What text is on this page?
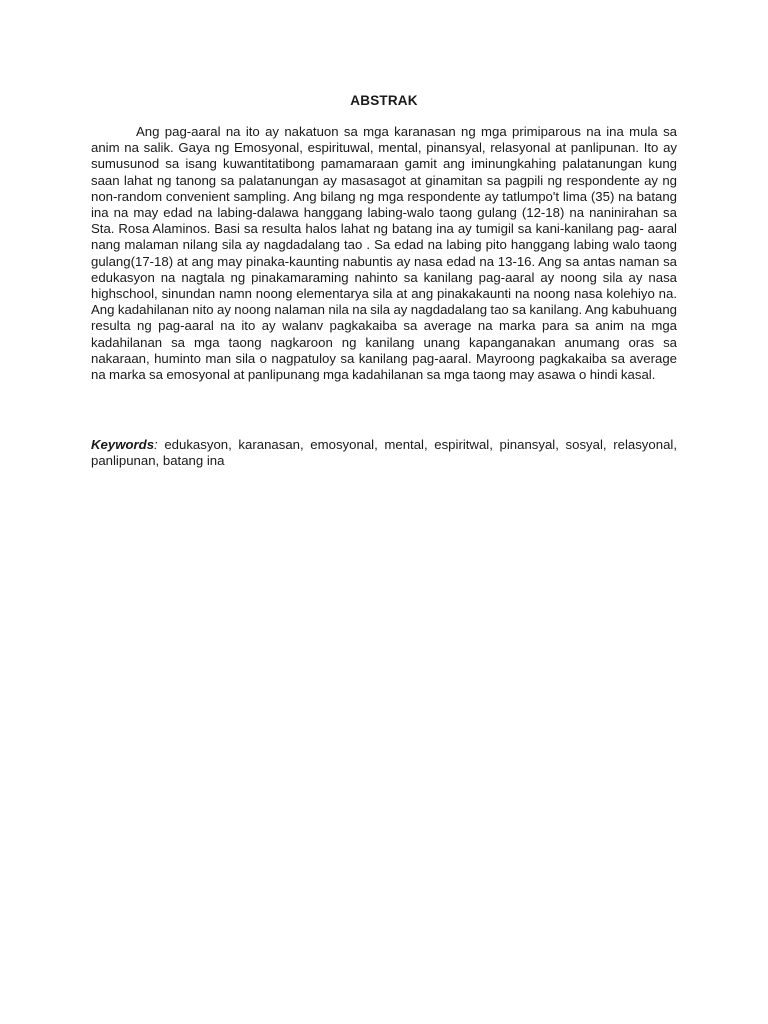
ABSTRAK

Ang pag-aaral na ito ay nakatuon sa mga karanasan ng mga primiparous na ina mula sa anim na salik. Gaya ng Emosyonal, espirituwal, mental, pinansyal, relasyonal at panlipunan. Ito ay sumusunod sa isang kuwantitatibong pamamaraan gamit ang iminungkahing palatanungan kung saan lahat ng tanong sa palatanungan ay masasagot at ginamitan sa pagpili ng respondente ay ng non-random convenient sampling. Ang bilang ng mga respondente ay tatlumpo't lima (35) na batang ina na may edad na labing-dalawa hanggang labing-walo taong gulang (12-18) na naninirahan sa Sta. Rosa Alaminos. Basi sa resulta halos lahat ng batang ina ay tumigil sa kani-kanilang pag- aaral nang malaman nilang sila ay nagdadalang tao . Sa edad na labing pito hanggang labing walo taong gulang(17-18) at ang may pinaka-kaunting nabuntis ay nasa edad na 13-16. Ang sa antas naman sa edukasyon na nagtala ng pinakamaraming nahinto sa kanilang pag-aaral ay noong sila ay nasa highschool, sinundan namn noong elementarya sila at ang pinakakaunti na noong nasa kolehiyo na. Ang kadahilanan nito ay noong nalaman nila na sila ay nagdadalang tao sa kanilang. Ang kabuhuang resulta ng pag-aaral na ito ay walanv pagkakaiba sa average na marka para sa anim na mga kadahilanan sa mga taong nagkaroon ng kanilang unang kapanganakan anumang oras sa nakaraan, huminto man sila o nagpatuloy sa kanilang pag-aaral. Mayroong pagkakaiba sa average na marka sa emosyonal at panlipunang mga kadahilanan sa mga taong may asawa o hindi kasal.

Keywords: edukasyon, karanasan, emosyonal, mental, espiritwal, pinansyal, sosyal, relasyonal, panlipunan, batang ina
